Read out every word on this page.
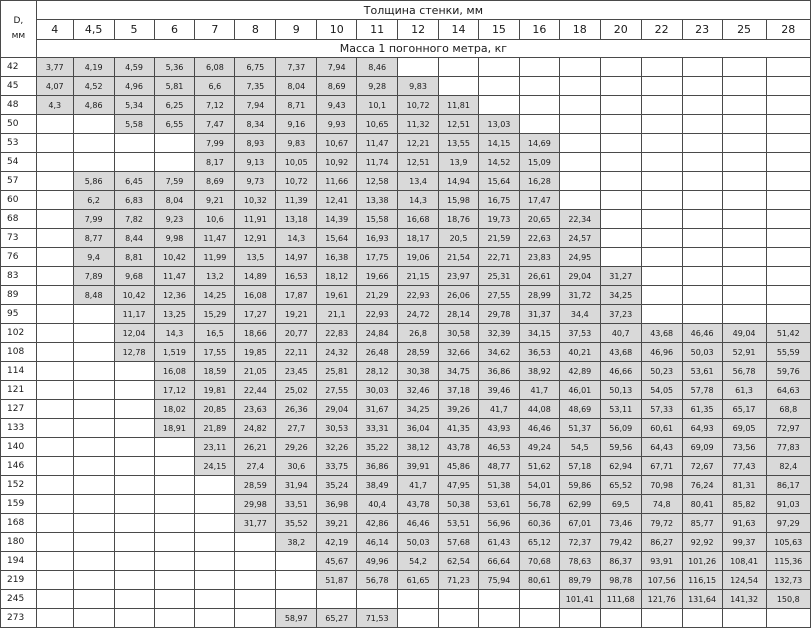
D,
мм	Толщина стенки, мм																		
	4	4,5	5	6	7	8	9	10	11	12	14	15	16	18	20	22	23	25	28
	Масса 1 погонного метра, кг																		
42	3,77	4,19	4,59	5,36	6,08	6,75	7,37	7,94	8,46										
45	4,07	4,52	4,96	5,81	6,6	7,35	8,04	8,69	9,28	9,83									
48	4,3	4,86	5,34	6,25	7,12	7,94	8,71	9,43	10,1	10,72	11,81								
50			5,58	6,55	7,47	8,34	9,16	9,93	10,65	11,32	12,51	13,03							
53					7,99	8,93	9,83	10,67	11,47	12,21	13,55	14,15	14,69						
54					8,17	9,13	10,05	10,92	11,74	12,51	13,9	14,52	15,09						
57		5,86	6,45	7,59	8,69	9,73	10,72	11,66	12,58	13,4	14,94	15,64	16,28						
60		6,2	6,83	8,04	9,21	10,32	11,39	12,41	13,38	14,3	15,98	16,75	17,47						
68		7,99	7,82	9,23	10,6	11,91	13,18	14,39	15,58	16,68	18,76	19,73	20,65	22,34					
73		8,77	8,44	9,98	11,47	12,91	14,3	15,64	16,93	18,17	20,5	21,59	22,63	24,57					
76		9,4	8,81	10,42	11,99	13,5	14,97	16,38	17,75	19,06	21,54	22,71	23,83	24,95					
83		7,89	9,68	11,47	13,2	14,89	16,53	18,12	19,66	21,15	23,97	25,31	26,61	29,04	31,27				
89		8,48	10,42	12,36	14,25	16,08	17,87	19,61	21,29	22,93	26,06	27,55	28,99	31,72	34,25				
95			11,17	13,25	15,29	17,27	19,21	21,1	22,93	24,72	28,14	29,78	31,37	34,4	37,23				
102			12,04	14,3	16,5	18,66	20,77	22,83	24,84	26,8	30,58	32,39	34,15	37,53	40,7	43,68	46,46	49,04	51,42
108			12,78	1,519	17,55	19,85	22,11	24,32	26,48	28,59	32,66	34,62	36,53	40,21	43,68	46,96	50,03	52,91	55,59
114				16,08	18,59	21,05	23,45	25,81	28,12	30,38	34,75	36,86	38,92	42,89	46,66	50,23	53,61	56,78	59,76
121				17,12	19,81	22,44	25,02	27,55	30,03	32,46	37,18	39,46	41,7	46,01	50,13	54,05	57,78	61,3	64,63
127				18,02	20,85	23,63	26,36	29,04	31,67	34,25	39,26	41,7	44,08	48,69	53,11	57,33	61,35	65,17	68,8
133				18,91	21,89	24,82	27,7	30,53	33,31	36,04	41,35	43,93	46,46	51,37	56,09	60,61	64,93	69,05	72,97
140					23,11	26,21	29,26	32,26	35,22	38,12	43,78	46,53	49,24	54,5	59,56	64,43	69,09	73,56	77,83
146					24,15	27,4	30,6	33,75	36,86	39,91	45,86	48,77	51,62	57,18	62,94	67,71	72,67	77,43	82,4
152						28,59	31,94	35,24	38,49	41,7	47,95	51,38	54,01	59,86	65,52	70,98	76,24	81,31	86,17
159						29,98	33,51	36,98	40,4	43,78	50,38	53,61	56,78	62,99	69,5	74,8	80,41	85,82	91,03
168						31,77	35,52	39,21	42,86	46,46	53,51	56,96	60,36	67,01	73,46	79,72	85,77	91,63	97,29
180							38,2	42,19	46,14	50,03	57,68	61,43	65,12	72,37	79,42	86,27	92,92	99,37	105,63
194								45,67	49,96	54,2	62,54	66,64	70,68	78,63	86,37	93,91	101,26	108,41	115,36
219								51,87	56,78	61,65	71,23	75,94	80,61	89,79	98,78	107,56	116,15	124,54	132,73
245														101,41	111,68	121,76	131,64	141,32	150,8
273							58,97	65,27	71,53										
